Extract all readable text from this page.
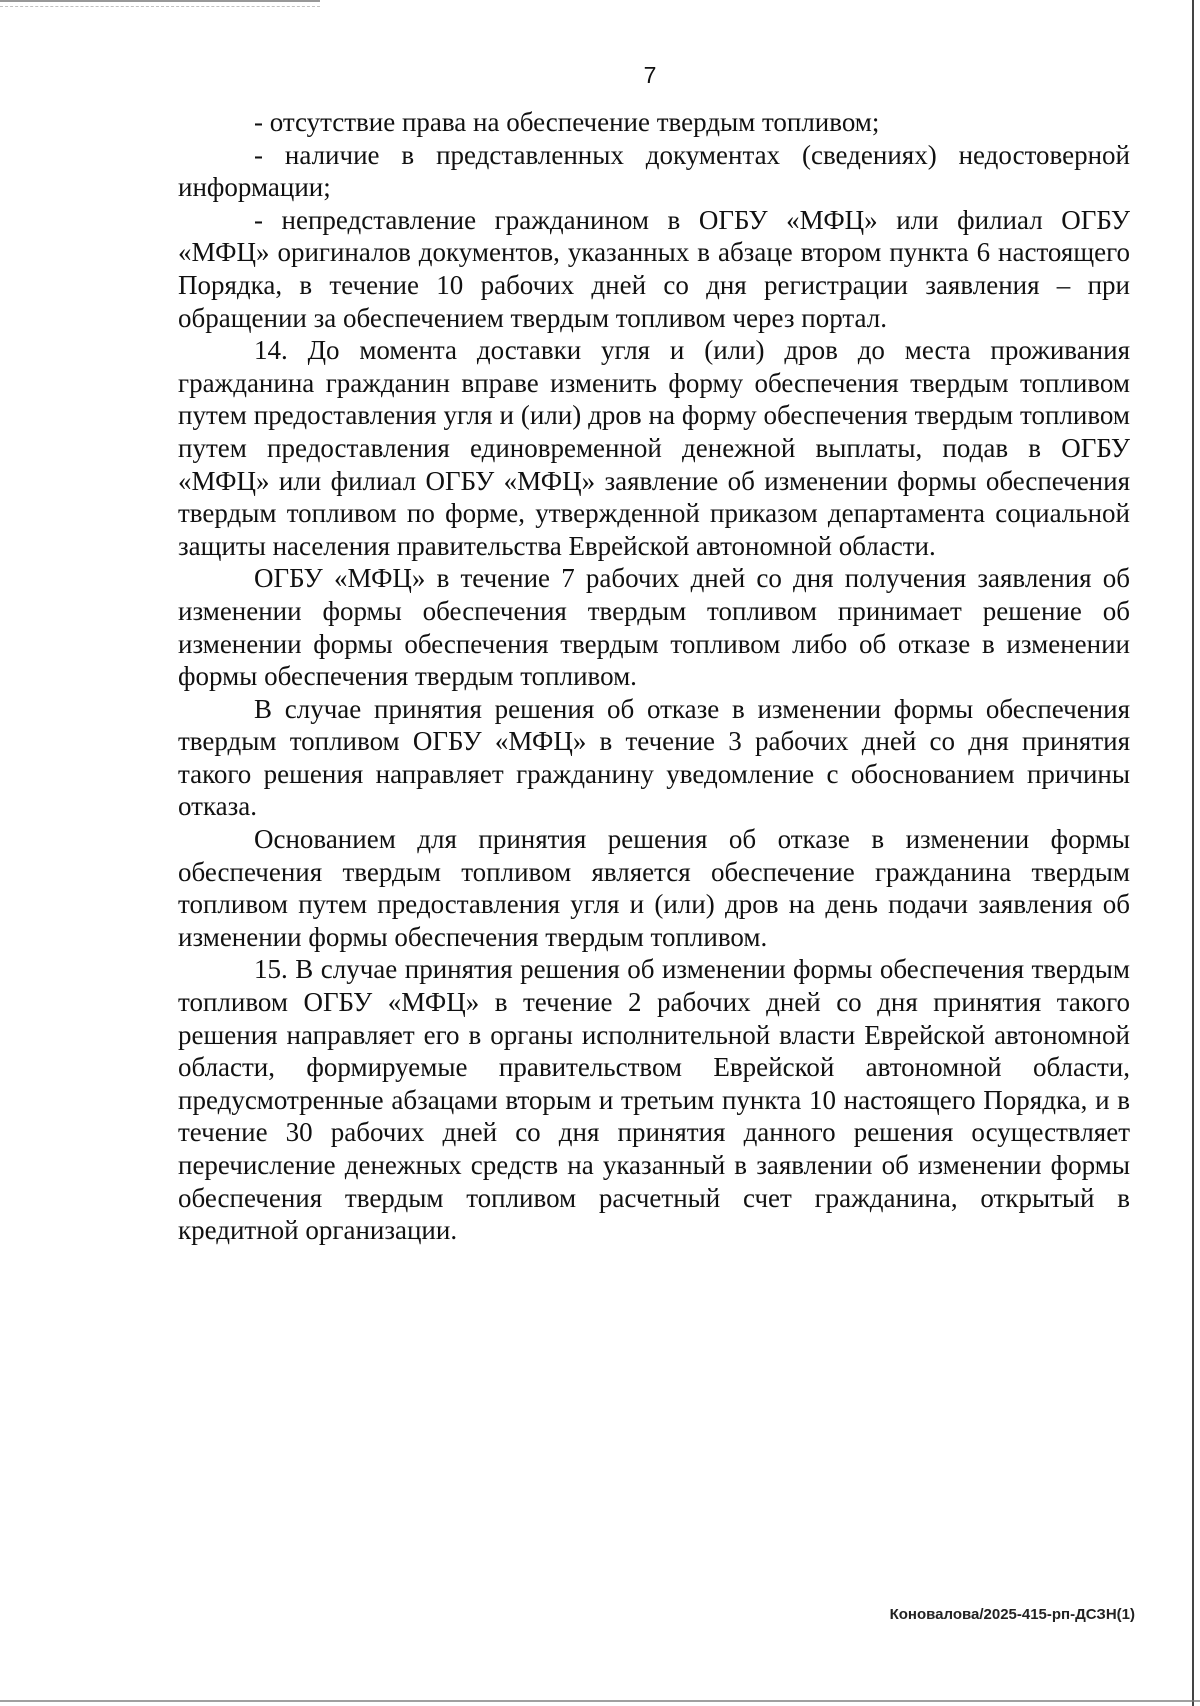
7

- отсутствие права на обеспечение твердым топливом;

- наличие в представленных документах (сведениях) недостоверной информации;

- непредставление гражданином в ОГБУ «МФЦ» или филиал ОГБУ «МФЦ» оригиналов документов, указанных в абзаце втором пункта 6 настоящего Порядка, в течение 10 рабочих дней со дня регистрации заявления – при обращении за обеспечением твердым топливом через портал.

14. До момента доставки угля и (или) дров до места проживания гражданина гражданин вправе изменить форму обеспечения твердым топливом путем предоставления угля и (или) дров на форму обеспечения твердым топливом путем предоставления единовременной денежной выплаты, подав в ОГБУ «МФЦ» или филиал ОГБУ «МФЦ» заявление об изменении формы обеспечения твердым топливом по форме, утвержденной приказом департамента социальной защиты населения правительства Еврейской автономной области.

ОГБУ «МФЦ» в течение 7 рабочих дней со дня получения заявления об изменении формы обеспечения твердым топливом принимает решение об изменении формы обеспечения твердым топливом либо об отказе в изменении формы обеспечения твердым топливом.

В случае принятия решения об отказе в изменении формы обеспечения твердым топливом ОГБУ «МФЦ» в течение 3 рабочих дней со дня принятия такого решения направляет гражданину уведомление с обоснованием причины отказа.

Основанием для принятия решения об отказе в изменении формы обеспечения твердым топливом является обеспечение гражданина твердым топливом путем предоставления угля и (или) дров на день подачи заявления об изменении формы обеспечения твердым топливом.

15. В случае принятия решения об изменении формы обеспечения твердым топливом ОГБУ «МФЦ» в течение 2 рабочих дней со дня принятия такого решения направляет его в органы исполнительной власти Еврейской автономной области, формируемые правительством Еврейской автономной области, предусмотренные абзацами вторым и третьим пункта 10 настоящего Порядка, и в течение 30 рабочих дней со дня принятия данного решения осуществляет перечисление денежных средств на указанный в заявлении об изменении формы обеспечения твердым топливом расчетный счет гражданина, открытый в кредитной организации.

Коновалова/2025-415-рп-ДСЗН(1)
